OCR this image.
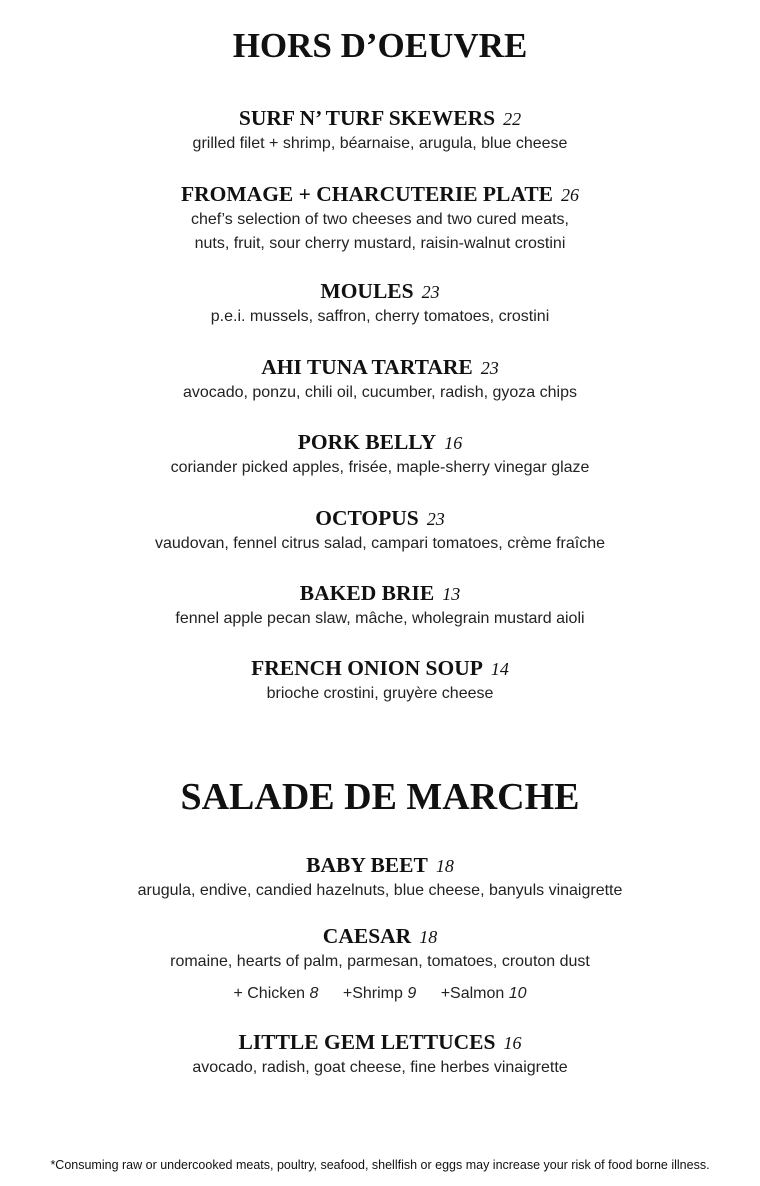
HORS D’OEUVRE
SURF N’ TURF SKEWERS 22
grilled filet + shrimp, béarnaise, arugula, blue cheese
FROMAGE + CHARCUTERIE PLATE 26
chef’s selection of two cheeses and two cured meats,
nuts, fruit, sour cherry mustard, raisin-walnut crostini
MOULES 23
p.e.i. mussels, saffron, cherry tomatoes, crostini
AHI TUNA TARTARE 23
avocado, ponzu, chili oil, cucumber, radish, gyoza chips
PORK BELLY 16
coriander picked apples, frisée, maple-sherry vinegar glaze
OCTOPUS 23
vaudovan, fennel citrus salad, campari tomatoes, crème fraîche
BAKED BRIE 13
fennel apple pecan slaw, mâche, wholegrain mustard aioli
FRENCH ONION SOUP 14
brioche crostini, gruyère cheese
SALADE DE MARCHE
BABY BEET 18
arugula, endive, candied hazelnuts, blue cheese, banyuls vinaigrette
CAESAR 18
romaine, hearts of palm, parmesan, tomatoes, crouton dust
+ Chicken 8 +Shrimp 9 +Salmon 10
LITTLE GEM LETTUCES 16
avocado, radish, goat cheese, fine herbes vinaigrette
*Consuming raw or undercooked meats, poultry, seafood, shellfish or eggs may increase your risk of food borne illness.
